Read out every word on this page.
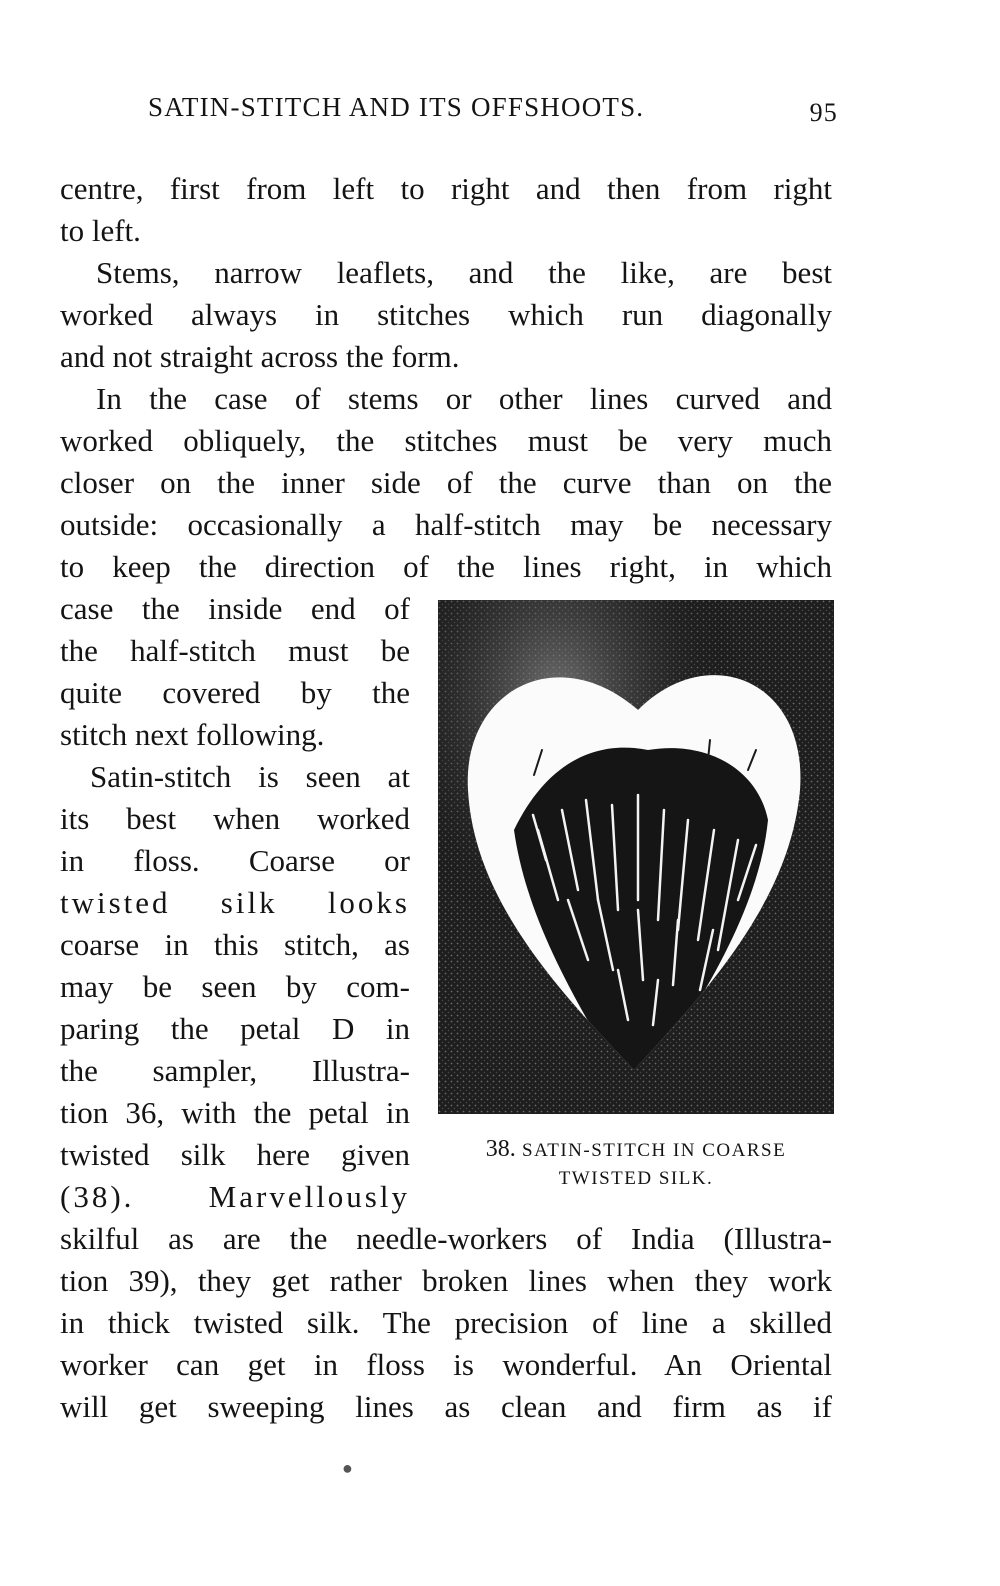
SATIN-STITCH AND ITS OFFSHOOTS.	95
centre, first from left to right and then from right
to left.
Stems, narrow leaflets, and the like, are best
worked always in stitches which run diagonally
and not straight across the form.
In the case of stems or other lines curved and
worked obliquely, the stitches must be very much
closer on the inner side of the curve than on the
outside: occasionally a half-stitch may be necessary
to keep the direction of the lines right, in which
case the inside end of
the half-stitch must be
quite covered by the
stitch next following.
Satin-stitch is seen at
its best when worked
in floss. Coarse or
twisted silk looks
coarse in this stitch, as
may be seen by com-
paring the petal D in
the sampler, Illustra-
tion 36, with the petal in
twisted silk here given
(38). Marvellously
skilful as are the needle-workers of India (Illustra-
tion 39), they get rather broken lines when they work
in thick twisted silk. The precision of line a skilled
worker can get in floss is wonderful. An Oriental
will get sweeping lines as clean and firm as if
38. SATIN-STITCH IN COARSE
TWISTED SILK.
●
